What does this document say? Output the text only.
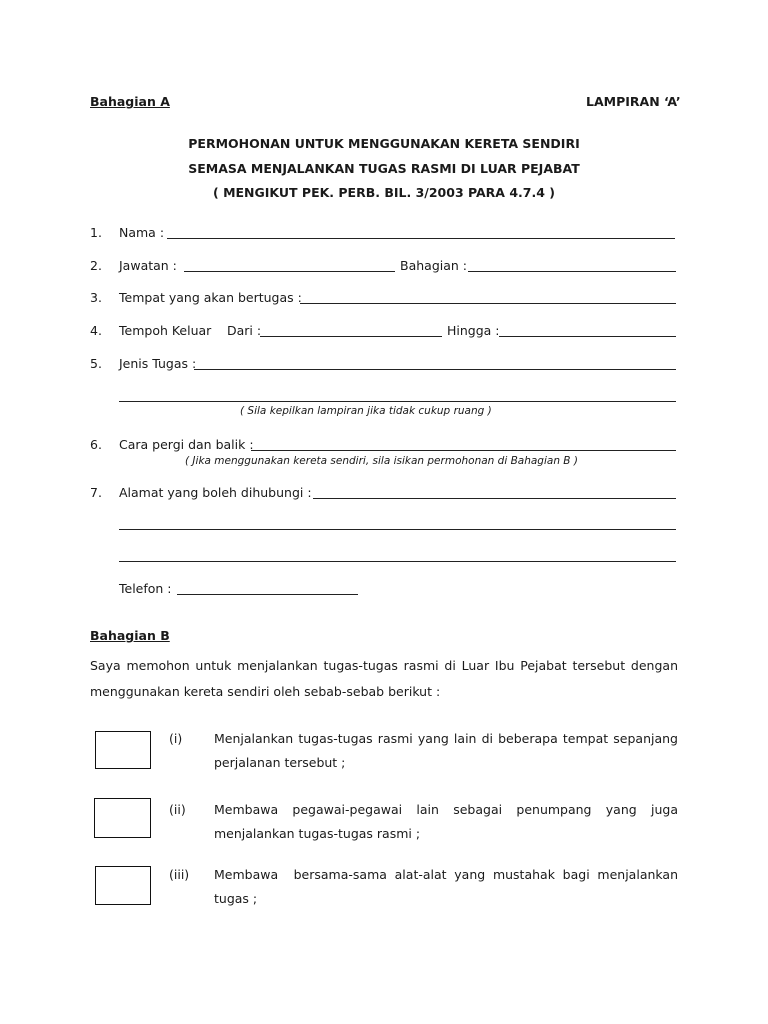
Bahagian A	LAMPIRAN ‘A’
PERMOHONAN UNTUK MENGGUNAKAN KERETA SENDIRI
SEMASA MENJALANKAN TUGAS RASMI DI LUAR PEJABAT
( MENGIKUT PEK. PERB. BIL. 3/2003 PARA 4.7.4 )
1. Nama :
2. Jawatan :	Bahagian :
3. Tempat yang akan bertugas :
4. Tempoh Keluar Dari :	Hingga :
5. Jenis Tugas :
( Sila kepilkan lampiran jika tidak cukup ruang )
6. Cara pergi dan balik :
( Jika menggunakan kereta sendiri, sila isikan permohonan di Bahagian B )
7. Alamat yang boleh dihubungi :
Telefon :
Bahagian B
Saya memohon untuk menjalankan tugas-tugas rasmi di Luar Ibu Pejabat tersebut dengan
menggunakan kereta sendiri oleh sebab-sebab berikut :
(i)	Menjalankan tugas-tugas rasmi yang lain di beberapa tempat sepanjang
perjalanan tersebut ;
(ii) Membawa pegawai-pegawai lain sebagai penumpang yang juga
menjalankan tugas-tugas rasmi ;
(iii) Membawa  bersama-sama alat-alat yang mustahak bagi menjalankan
tugas ;
